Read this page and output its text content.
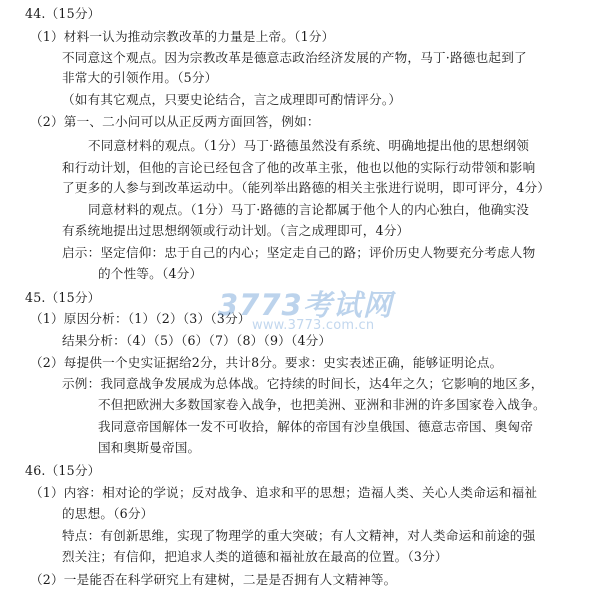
44.（15分）
（1）材料一认为推动宗教改革的力量是上帝。（1分）
不同意这个观点。因为宗教改革是德意志政治经济发展的产物，马丁·路德也起到了
非常大的引领作用。（5分）
（如有其它观点，只要史论结合，言之成理即可酌情评分。）
（2）第一、二小问可以从正反两方面回答，例如：
不同意材料的观点。（1分）马丁·路德虽然没有系统、明确地提出他的思想纲领
和行动计划，但他的言论已经包含了他的改革主张，他也以他的实际行动带领和影响
了更多的人参与到改革运动中。（能列举出路德的相关主张进行说明，即可评分，4分）
同意材料的观点。（1分）马丁·路德的言论都属于他个人的内心独白，他确实没
有系统地提出过思想纲领或行动计划。（言之成理即可，4分）
启示：坚定信仰：忠于自己的内心；坚定走自己的路；评价历史人物要充分考虑人物
的个性等。（4分）
45.（15分）
（1）原因分析：（1）（2）（3）（3分）
结果分析：（4）（5）（6）（7）（8）（9）（4分）
（2）每提供一个史实证据给2分，共计8分。要求：史实表述正确，能够证明论点。
示例：我同意战争发展成为总体战。它持续的时间长，达4年之久；它影响的地区多，
不但把欧洲大多数国家卷入战争，也把美洲、亚洲和非洲的许多国家卷入战争。
我同意帝国解体一发不可收拾，解体的帝国有沙皇俄国、德意志帝国、奥匈帝
国和奥斯曼帝国。
46.（15分）
（1）内容：相对论的学说；反对战争、追求和平的思想；造福人类、关心人类命运和福祉
的思想。（6分）
特点：有创新思维，实现了物理学的重大突破；有人文精神，对人类命运和前途的强
烈关注；有信仰，把追求人类的道德和福祉放在最高的位置。（3分）
（2）一是能否在科学研究上有建树，二是是否拥有人文精神等。
3773考试网
www.3773.com.cn
